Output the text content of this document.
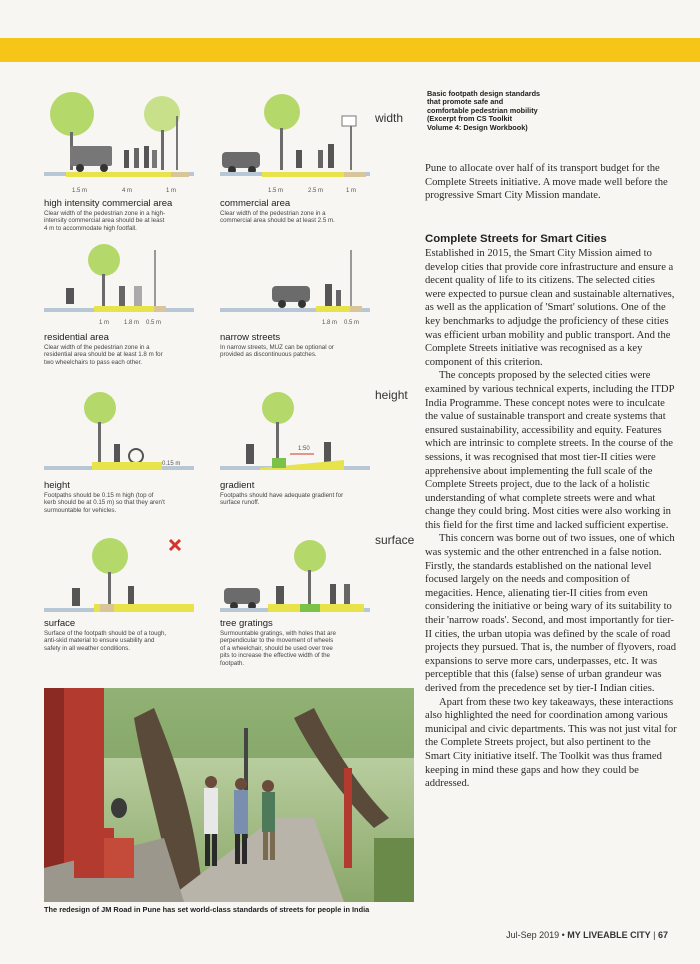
width
height
surface
Basic footpath design standards
that promote safe and
comfortable pedestrian mobility
(Excerpt from CS Toolkit
Volume 4: Design Workbook)
1.5 m	4 m	1 m
high intensity commercial area
Clear width of the pedestrian zone in a high-
intensity commercial area should be at least
4 m to accommodate high footfall.
1.5 m	2.5 m	1 m
commercial area
Clear width of the pedestrian zone in a
commercial area should be at least 2.5 m.
1 m 1.8 m 0.5 m
residential area
Clear width of the pedestrian zone in a
residential area should be at least 1.8 m for
two wheelchairs to pass each other.
1.8 m 0.5 m
narrow streets
In narrow streets, MUZ can be optional or
provided as discontinuous patches.
0.15 m
height
Footpaths should be 0.15 m high (top of
kerb should be at 0.15 m) so that they aren't
surmountable for vehicles.
1:50
gradient
Footpaths should have adequate gradient for
surface runoff.
surface
Surface of the footpath should be of a tough,
anti-skid material to ensure usability and
safety in all weather conditions.
tree gratings
Surmountable gratings, with holes that are
perpendicular to the movement of wheels
of a wheelchair, should be used over tree
pits to increase the effective width of the
footpath.

Pune to allocate over half of its transport budget for the Complete Streets initiative. A move made well before the progressive Smart City Mission mandate.

Complete Streets for Smart Cities

Established in 2015, the Smart City Mission aimed to develop cities that provide core infrastructure and ensure a decent quality of life to its citizens. The selected cities were expected to pursue clean and sustainable alternatives, as well as the application of 'Smart' solutions. One of the key benchmarks to adjudge the proficiency of these cities was efficient urban mobility and public transport. And the Complete Streets initiative was recognised as a key component of this criterion.

The concepts proposed by the selected cities were examined by various technical experts, including the ITDP India Programme. These concept notes were to inculcate the value of sustainable transport and create systems that ensured sustainability, accessibility and equity. Features which are intrinsic to complete streets. In the course of the sessions, it was recognised that most tier-II cities were apprehensive about implementing the full scale of the Complete Streets project, due to the lack of a holistic understanding of what complete streets were and what change they could bring. Most cities were also working in this field for the first time and lacked sufficient expertise.

This concern was borne out of two issues, one of which was systemic and the other entrenched in a false notion. Firstly, the standards established on the national level focused largely on the needs and composition of megacities. Hence, alienating tier-II cities from even considering the initiative or being wary of its suitability to their 'narrow roads'. Second, and most importantly for tier-II cities, the urban utopia was defined by the scale of road projects they pursued. That is, the number of flyovers, road expansions to serve more cars, underpasses, etc. It was perceptible that this (false) sense of urban grandeur was derived from the precedence set by tier-I Indian cities.

Apart from these two key takeaways, these interactions also highlighted the need for coordination among various municipal and civic departments. This was not just vital for the Complete Streets project, but also pertinent to the Smart City initiative itself. The Toolkit was thus framed keeping in mind these gaps and how they could be addressed.

The redesign of JM Road in Pune has set world-class standards of streets for people in India
Jul-Sep 2019 • MY LIVEABLE CITY | 67
